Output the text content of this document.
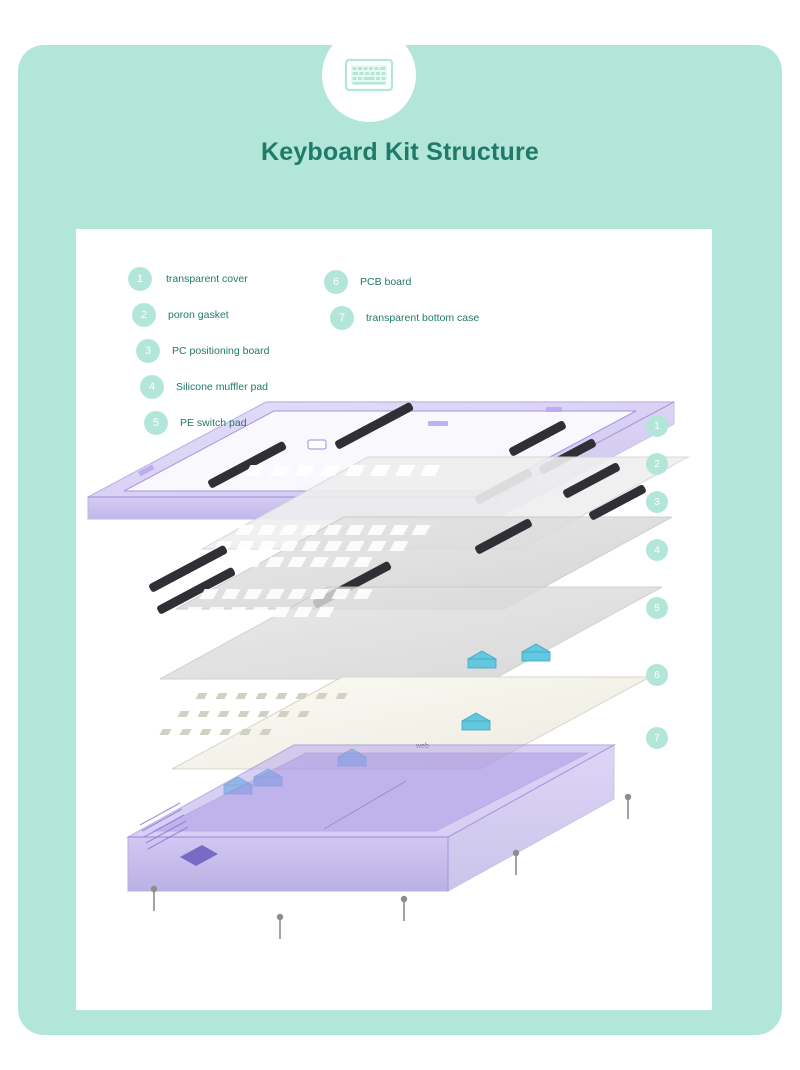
Keyboard Kit Structure
1	transparent cover
2	poron gasket
3	PC positioning board
4	Silicone muffler pad
5	PE switch pad
6	PCB board
7	transparent bottom case
1
2
3
4
5
6
7
